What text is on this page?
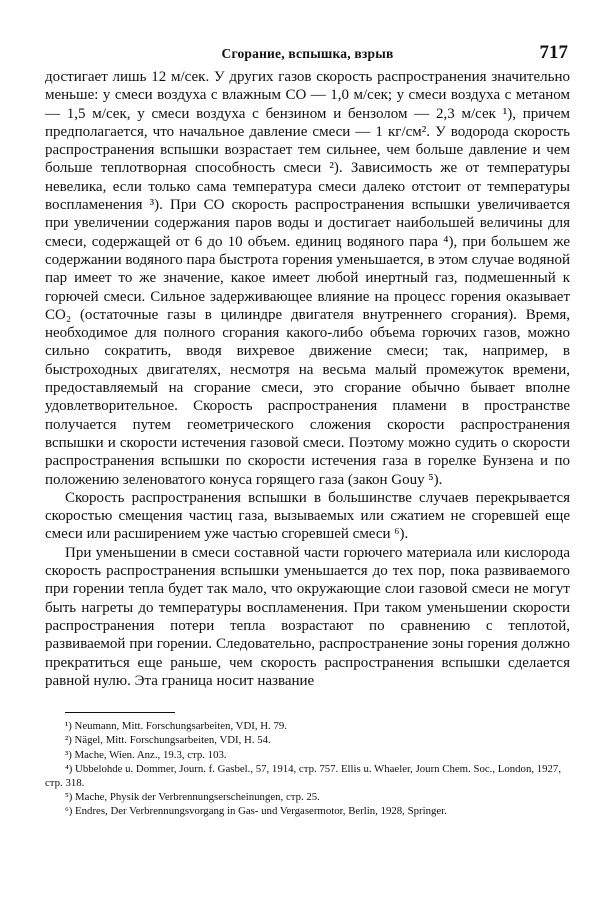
Сгорание, вспышка, взрыв	717

достигает лишь 12 м/сек. У других газов скорость распространения значительно меньше: у смеси воздуха с влажным CO — 1,0 м/сек; у смеси воздуха с метаном — 1,5 м/сек, у смеси воздуха с бензином и бензолом — 2,3 м/сек ¹), причем предполагается, что начальное давление смеси — 1 кг/см². У водорода скорость распространения вспышки возрастает тем сильнее, чем больше давление и чем больше теплотворная способность смеси ²). Зависимость же от температуры невелика, если только сама температура смеси далеко отстоит от температуры воспламенения ³). При CO скорость распространения вспышки увеличивается при увеличении содержания паров воды и достигает наибольшей величины для смеси, содержащей от 6 до 10 объем. единиц водяного пара ⁴), при большем же содержании водяного пара быстрота горения уменьшается, в этом случае водяной пар имеет то же значение, какое имеет любой инертный газ, подмешенный к горючей смеси. Сильное задерживающее влияние на процесс горения оказывает CO₂ (остаточные газы в цилиндре двигателя внутреннего сгорания). Время, необходимое для полного сгорания какого-либо объема горючих газов, можно сильно сократить, вводя вихревое движение смеси; так, например, в быстроходных двигателях, несмотря на весьма малый промежуток времени, предоставляемый на сгорание смеси, это сгорание обычно бывает вполне удовлетворительное. Скорость распространения пламени в пространстве получается путем геометрического сложения скорости распространения вспышки и скорости истечения газовой смеси. Поэтому можно судить о скорости распространения вспышки по скорости истечения газа в горелке Бунзена и по положению зеленоватого конуса горящего газа (закон Gouy ⁵).

Скорость распространения вспышки в большинстве случаев перекрывается скоростью смещения частиц газа, вызываемых или сжатием не сгоревшей еще смеси или расширением уже частью сгоревшей смеси ⁶).

При уменьшении в смеси составной части горючего материала или кислорода скорость распространения вспышки уменьшается до тех пор, пока развиваемого при горении тепла будет так мало, что окружающие слои газовой смеси не могут быть нагреты до температуры воспламенения. При таком уменьшении скорости распространения потери тепла возрастают по сравнению с теплотой, развиваемой при горении. Следовательно, распространение зоны горения должно прекратиться еще раньше, чем скорость распространения вспышки сделается равной нулю. Эта граница носит название

¹) Neumann, Mitt. Forschungsarbeiten, VDI, H. 79.

²) Nägel, Mitt. Forschungsarbeiten, VDI, H. 54.

³) Mache, Wien. Anz., 19.3, стр. 103.

⁴) Ubbelohde u. Dommer, Journ. f. Gasbel., 57, 1914, стр. 757. Ellis u. Whaeler, Journ Chem. Soc., London, 1927, стр. 318.

⁵) Mache, Physik der Verbrennungserscheinungen, стр. 25.

⁶) Endres, Der Verbrennungsvorgang in Gas- und Vergasermotor, Berlin, 1928, Springer.
